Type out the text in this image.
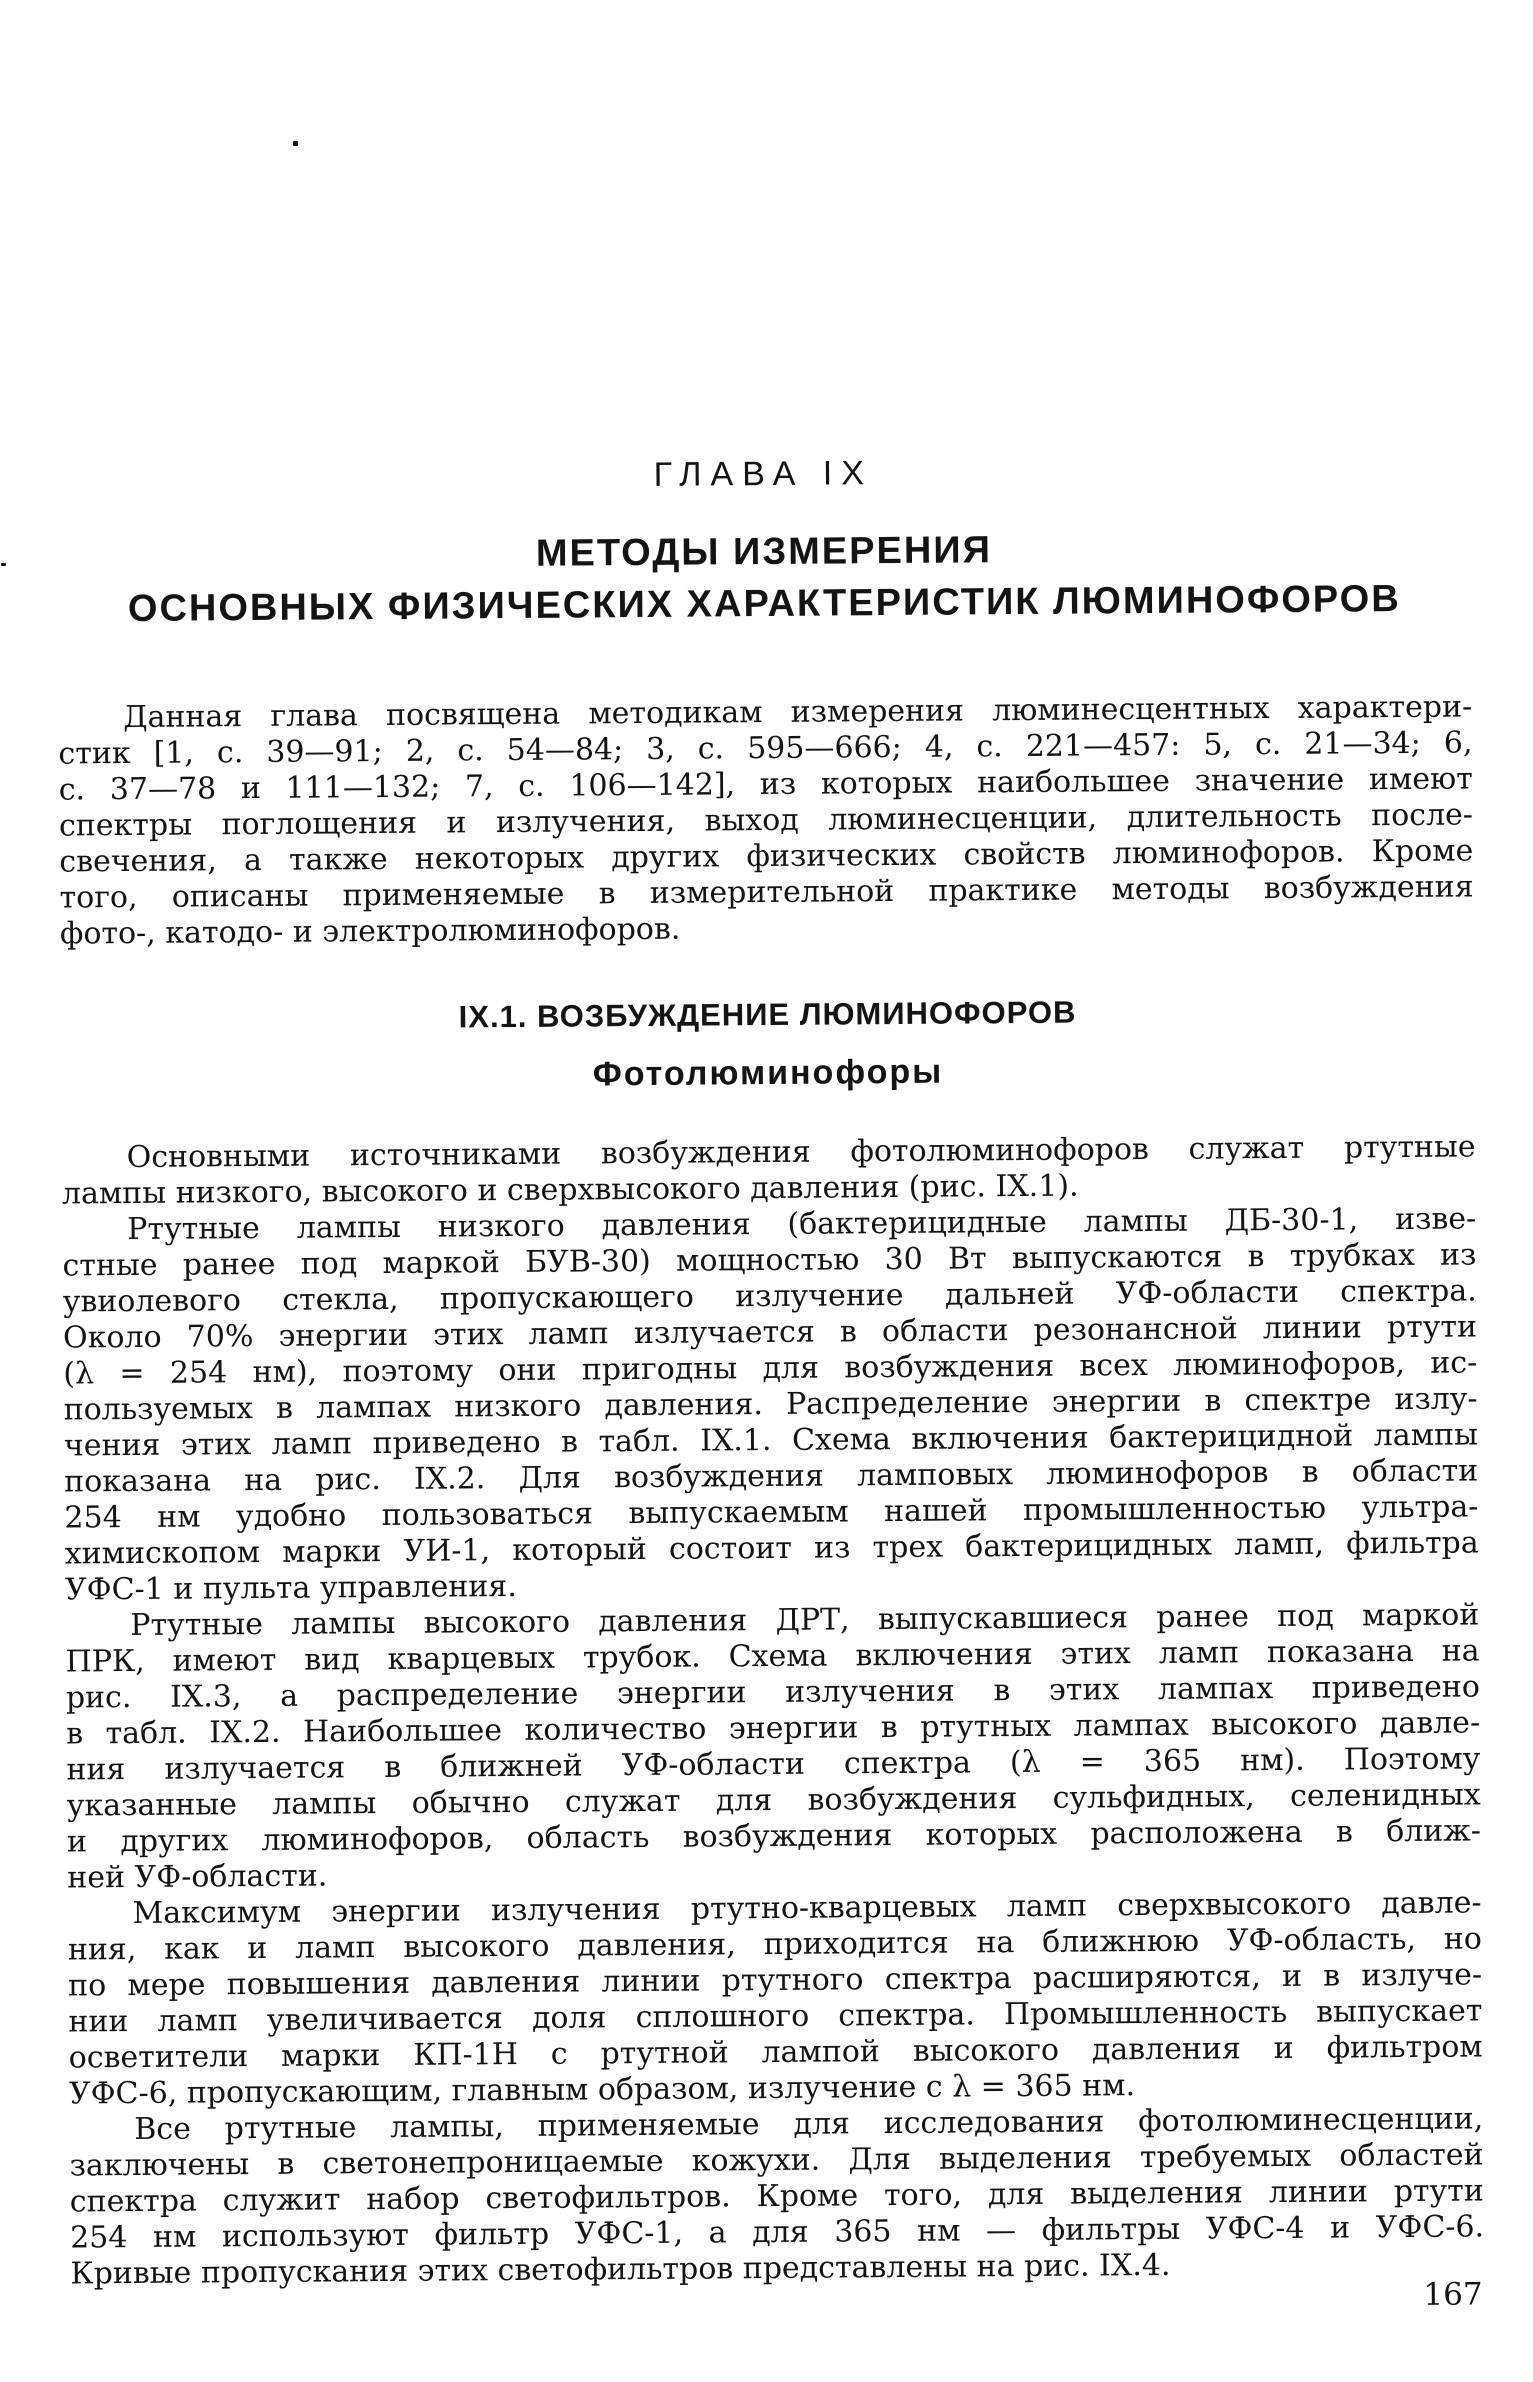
ГЛАВА IX
МЕТОДЫ ИЗМЕРЕНИЯ
ОСНОВНЫХ ФИЗИЧЕСКИХ ХАРАКТЕРИСТИК ЛЮМИНОФОРОВ
Данная глава посвящена методикам измерения люминесцентных характери-
стик [1, с. 39—91; 2, с. 54—84; 3, с. 595—666; 4, с. 221—457: 5, с. 21—34; 6,
с. 37—78 и 111—132; 7, с. 106—142], из которых наибольшее значение имеют
спектры поглощения и излучения, выход люминесценции, длительность после-
свечения, а также некоторых других физических свойств люминофоров. Кроме
того, описаны применяемые в измерительной практике методы возбуждения
фото-, катодо- и электролюминофоров.
IX.1. ВОЗБУЖДЕНИЕ ЛЮМИНОФОРОВ
Фотолюминофоры
Основными источниками возбуждения фотолюминофоров служат ртутные
лампы низкого, высокого и сверхвысокого давления (рис. IX.1).
Ртутные лампы низкого давления (бактерицидные лампы ДБ-30-1, изве-
стные ранее под маркой БУВ-30) мощностью 30 Вт выпускаются в трубках из
увиолевого стекла, пропускающего излучение дальней УФ-области спектра.
Около 70% энергии этих ламп излучается в области резонансной линии ртути
(λ = 254 нм), поэтому они пригодны для возбуждения всех люминофоров, ис-
пользуемых в лампах низкого давления. Распределение энергии в спектре излу-
чения этих ламп приведено в табл. IX.1. Схема включения бактерицидной лампы
показана на рис. IX.2. Для возбуждения ламповых люминофоров в области
254 нм удобно пользоваться выпускаемым нашей промышленностью ультра-
химископом марки УИ-1, который состоит из трех бактерицидных ламп, фильтра
УФС-1 и пульта управления.
Ртутные лампы высокого давления ДРТ, выпускавшиеся ранее под маркой
ПРК, имеют вид кварцевых трубок. Схема включения этих ламп показана на
рис. IX.3, а распределение энергии излучения в этих лампах приведено
в табл. IX.2. Наибольшее количество энергии в ртутных лампах высокого давле-
ния излучается в ближней УФ-области спектра (λ = 365 нм). Поэтому
указанные лампы обычно служат для возбуждения сульфидных, селенидных
и других люминофоров, область возбуждения которых расположена в ближ-
ней УФ-области.
Максимум энергии излучения ртутно-кварцевых ламп сверхвысокого давле-
ния, как и ламп высокого давления, приходится на ближнюю УФ-область, но
по мере повышения давления линии ртутного спектра расширяются, и в излуче-
нии ламп увеличивается доля сплошного спектра. Промышленность выпускает
осветители марки КП-1Н с ртутной лампой высокого давления и фильтром
УФС-6, пропускающим, главным образом, излучение с λ = 365 нм.
Все ртутные лампы, применяемые для исследования фотолюминесценции,
заключены в светонепроницаемые кожухи. Для выделения требуемых областей
спектра служит набор светофильтров. Кроме того, для выделения линии ртути
254 нм используют фильтр УФС-1, а для 365 нм — фильтры УФС-4 и УФС-6.
Кривые пропускания этих светофильтров представлены на рис. IX.4.
167
